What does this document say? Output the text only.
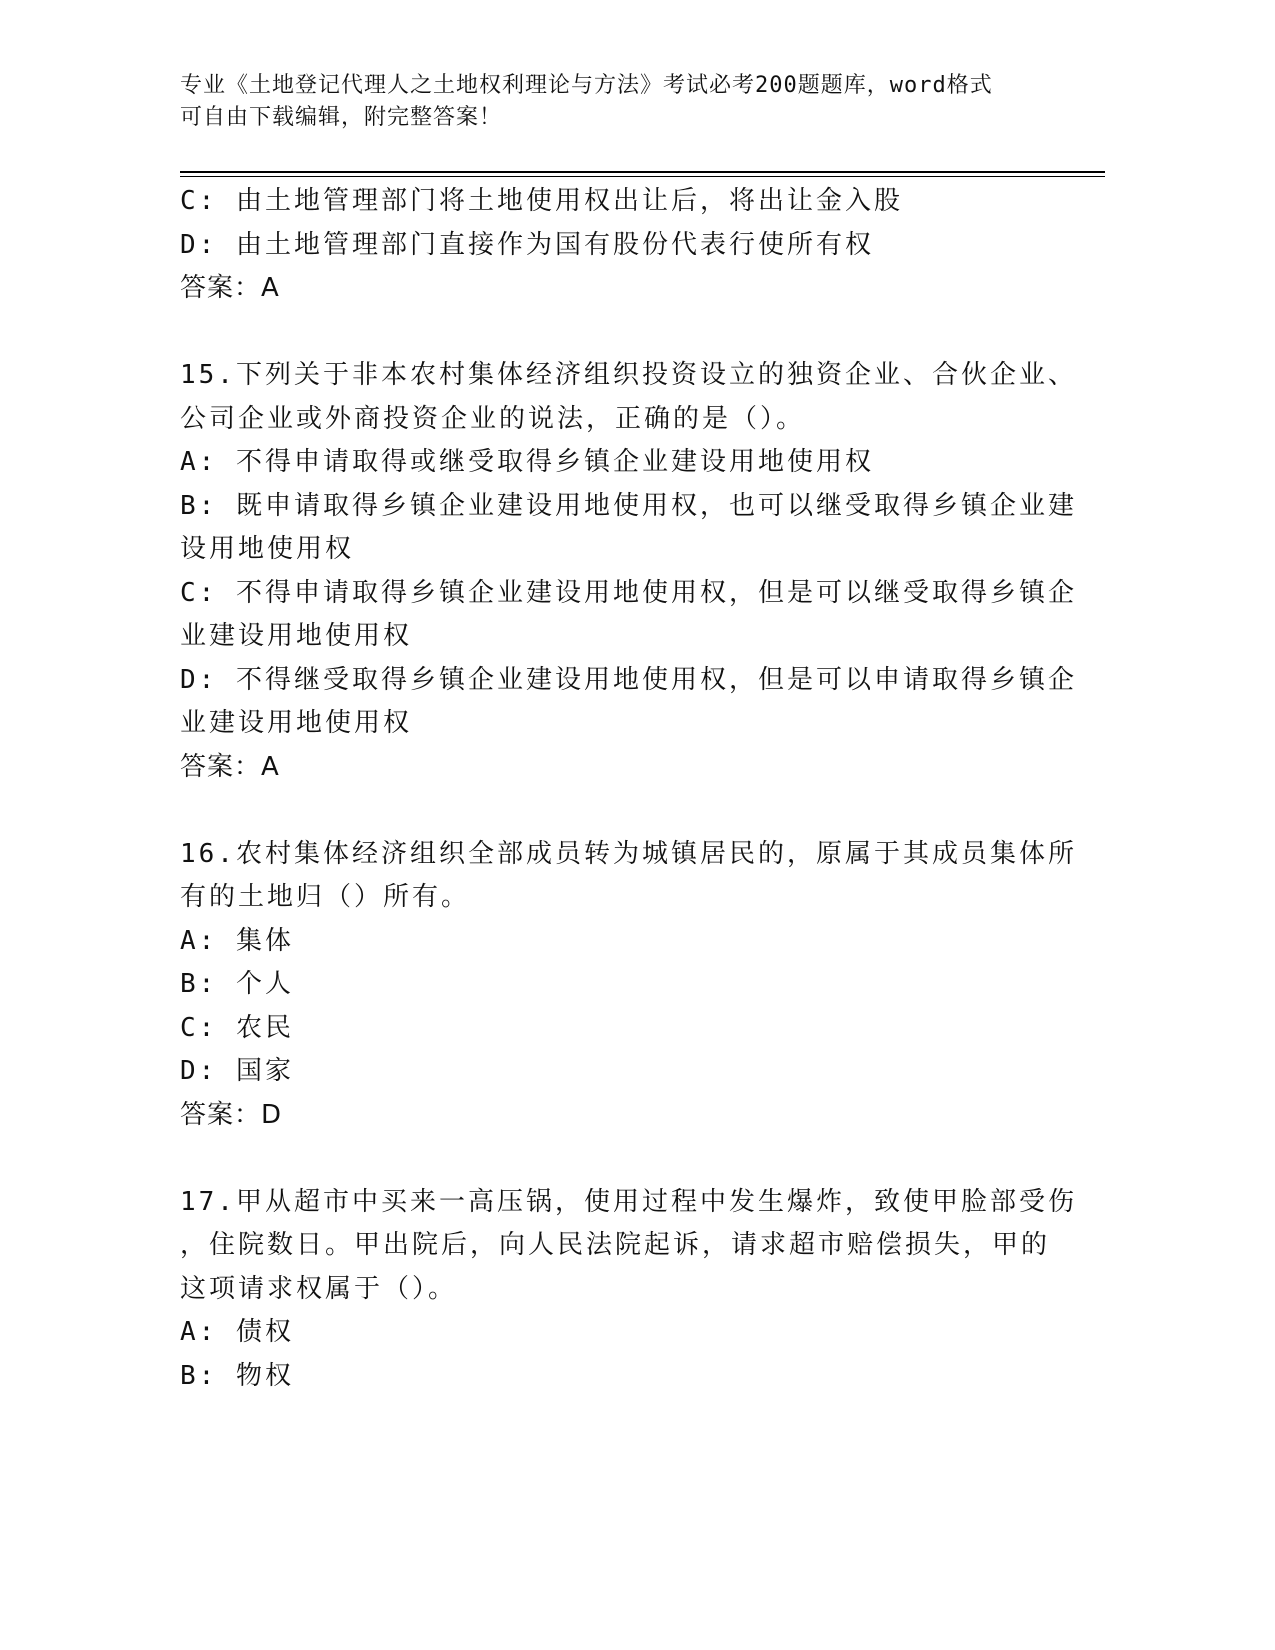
专业《土地登记代理人之土地权利理论与方法》考试必考200题题库，word格式
可自由下载编辑，附完整答案！
C: 由土地管理部门将土地使用权出让后，将出让金入股
D: 由土地管理部门直接作为国有股份代表行使所有权
答案：A
15.下列关于非本农村集体经济组织投资设立的独资企业、合伙企业、
公司企业或外商投资企业的说法，正确的是（）。
A: 不得申请取得或继受取得乡镇企业建设用地使用权
B: 既申请取得乡镇企业建设用地使用权，也可以继受取得乡镇企业建
设用地使用权
C: 不得申请取得乡镇企业建设用地使用权，但是可以继受取得乡镇企
业建设用地使用权
D: 不得继受取得乡镇企业建设用地使用权，但是可以申请取得乡镇企
业建设用地使用权
答案：A
16.农村集体经济组织全部成员转为城镇居民的，原属于其成员集体所
有的土地归（）所有。
A: 集体
B: 个人
C: 农民
D: 国家
答案：D
17.甲从超市中买来一高压锅，使用过程中发生爆炸，致使甲脸部受伤
，住院数日。甲出院后，向人民法院起诉，请求超市赔偿损失，甲的
这项请求权属于（）。
A: 债权
B: 物权
